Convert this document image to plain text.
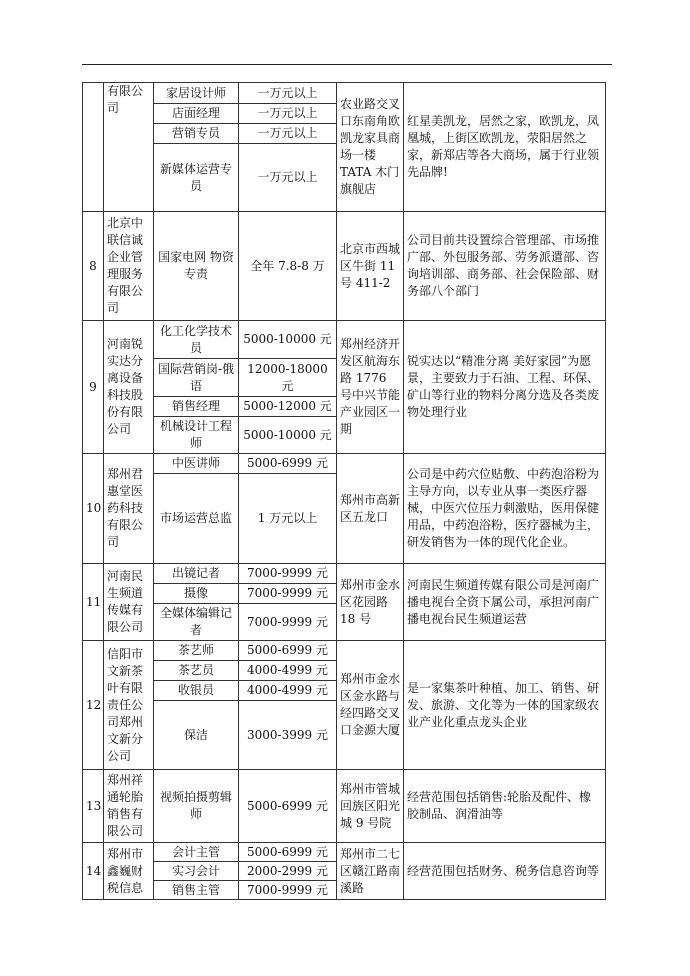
	有限公司	家居设计师	一万元以上	农业路交叉口东南角欧凯龙家具商场一楼 TATA 木门旗舰店	红星美凯龙，居然之家，欧凯龙，凤凰城，上街区欧凯龙，荥阳居然之家，新郑店等各大商场，属于行业领先品牌!
		店面经理	一万元以上		
		营销专员	一万元以上		
		新媒体运营专员	一万元以上		
8	北京中联信诚企业管理服务有限公司	国家电网 物资专责	全年 7.8-8 万	北京市西城区牛街 11 号 411-2	公司目前共设置综合管理部、市场推广部、外包服务部、劳务派遣部、咨询培训部、商务部、社会保险部、财务部八个部门
9	河南锐实达分离设备科技股份有限公司	化工化学技术员	5000-10000 元	郑州经济开发区航海东路 1776 号中兴节能产业园区一期	锐实达以“精准分离 美好家园”为愿景，主要致力于石油、工程、环保、矿山等行业的物料分离分选及各类废物处理行业
		国际营销岗-俄语	12000-18000 元		
		销售经理	5000-12000 元		
		机械设计工程师	5000-10000 元		
10	郑州君惠堂医药科技有限公司	中医讲师	5000-6999 元	郑州市高新区五龙口	公司是中药穴位贴敷、中药泡浴粉为主导方向，以专业从事一类医疗器械，中医穴位压力刺激贴，医用保健用品，中药泡浴粉，医疗器械为主，研发销售为一体的现代化企业。
		市场运营总监	1 万元以上		
11	河南民生频道传媒有限公司	出镜记者	7000-9999 元	郑州市金水区花园路 18 号	河南民生频道传媒有限公司是河南广播电视台全资下属公司，承担河南广播电视台民生频道运营
		摄像	7000-9999 元		
		全媒体编辑记者	7000-9999 元		
12	信阳市文新茶叶有限责任公司郑州文新分公司	茶艺师	5000-6999 元	郑州市金水区金水路与经四路交叉口金源大厦	是一家集茶叶种植、加工、销售、研发、旅游、文化等为一体的国家级农业产业化重点龙头企业
		茶艺员	4000-4999 元		
		收银员	4000-4999 元		
		保洁	3000-3999 元		
13	郑州祥通轮胎销售有限公司	视频拍摄剪辑师	5000-6999 元	郑州市管城回族区阳光城 9 号院	经营范围包括销售:轮胎及配件、橡胶制品、润滑油等
14	郑州市鑫巍财税信息	会计主管	5000-6999 元	郑州市二七区赣江路南溪路	经营范围包括财务、税务信息咨询等
		实习会计	2000-2999 元		
		销售主管	7000-9999 元		
